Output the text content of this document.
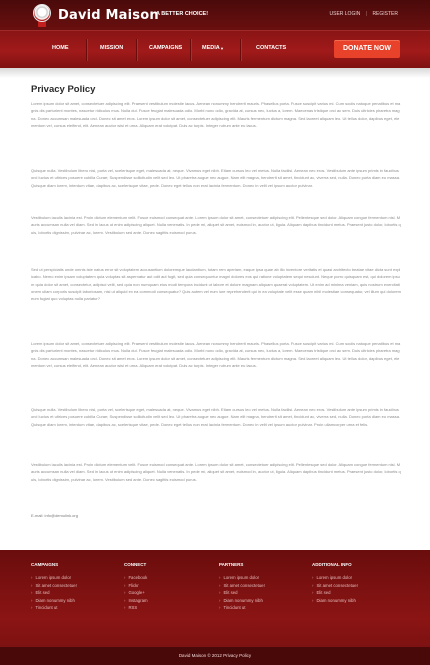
David Maison
A BETTER CHOICE!	USER LOGIN | REGISTER
HOME	MISSION	CAMPAIGNS	MEDIA ▼	CONTACTS	DONATE NOW
Privacy Policy

Lorem ipsum dolor sit amet, consectetuer adipiscing elit. Praesent vestibulum molestie lacus. Aenean nonummy hendrerit mauris. Phasellus porta. Fusce suscipit varius mi. Cum sociis natoque penatibus et magnis dis parturient montes, nascetur ridiculus mus. Nulla dui. Fusce feugiat malesuada odio. Morbi nunc odio, gravida at, cursus nec, luctus a, lorem. Maecenas tristique orci ac sem. Duis ultricies pharetra magna. Donec accumsan malesuada orci. Donec sit amet eros. Lorem ipsum dolor sit amet, consectetuer adipiscing elit. Mauris fermentum dictum magna. Sed laoreet aliquam leo. Ut tellus dolor, dapibus eget, elementum vel, cursus eleifend, elit. Aenean auctor wisi et urna. Aliquam erat volutpat. Duis ac turpis. Integer rutrum ante eu lacus.

Quisque nulla. Vestibulum libero nisl, porta vel, scelerisque eget, malesuada at, neque. Vivamus eget nibh. Etiam cursus leo vel metus. Nulla facilisi. Aenean nec eros. Vestibulum ante ipsum primis in faucibus orci luctus et ultrices posuere cubilia Curae; Suspendisse sollicitudin velit sed leo. Ut pharetra augue nec augue. Nam elit magna, hendrerit sit amet, tincidunt ac, viverra sed, nulla. Donec porta diam eu massa. Quisque diam lorem, interdum vitae, dapibus ac, scelerisque vitae, pede. Donec eget tellus non erat lacinia fermentum. Donec in velit vel ipsum auctor pulvinar.

Vestibulum iaculis lacinia est. Proin dictum elementum velit. Fusce euismod consequat ante. Lorem ipsum dolor sit amet, consectetuer adipiscing elit. Pellentesque sed dolor. Aliquam congue fermentum nisl. Mauris accumsan nulla vel diam. Sed in lacus ut enim adipiscing aliquet. Nulla venenatis. In pede mi, aliquet sit amet, euismod in, auctor ut, ligula. Aliquam dapibus tincidunt metus. Praesent justo dolor, lobortis quis, lobortis dignissim, pulvinar ac, lorem. Vestibulum sed ante. Donec sagittis euismod purus.

Sed ut perspiciatis unde omnis iste natus error sit voluptatem accusantium doloremque laudantium, totam rem aperiam, eaque ipsa quae ab illo inventore veritatis et quasi architecto beatae vitae dicta sunt explicabo. Nemo enim ipsam voluptatem quia voluptas sit aspernatur aut odit aut fugit, sed quia consequuntur magni dolores eos qui ratione voluptatem sequi nesciunt. Neque porro quisquam est, qui dolorem ipsum quia dolor sit amet, consectetur, adipisci velit, sed quia non numquam eius modi tempora incidunt ut labore et dolore magnam aliquam quaerat voluptatem. Ut enim ad minima veniam, quis nostrum exercitationem ullam corporis suscipit laboriosam, nisi ut aliquid ex ea commodi consequatur? Quis autem vel eum iure reprehenderit qui in ea voluptate velit esse quam nihil molestiae consequatur, vel illum qui dolorem eum fugiat quo voluptas nulla pariatur?

Lorem ipsum dolor sit amet, consectetuer adipiscing elit. Praesent vestibulum molestie lacus. Aenean nonummy hendrerit mauris. Phasellus porta. Fusce suscipit varius mi. Cum sociis natoque penatibus et magnis dis parturient montes, nascetur ridiculus mus. Nulla dui. Fusce feugiat malesuada odio. Morbi nunc odio, gravida at, cursus nec, luctus a, lorem. Maecenas tristique orci ac sem. Duis ultricies pharetra magna. Donec accumsan malesuada orci. Donec sit amet eros. Lorem ipsum dolor sit amet, consectetuer adipiscing elit. Mauris fermentum dictum magna. Sed laoreet aliquam leo. Ut tellus dolor, dapibus eget, elementum vel, cursus eleifend, elit. Aenean auctor wisi et urna. Aliquam erat volutpat. Duis ac turpis. Integer rutrum ante eu lacus.

Quisque nulla. Vestibulum libero nisl, porta vel, scelerisque eget, malesuada at, neque. Vivamus eget nibh. Etiam cursus leo vel metus. Nulla facilisi. Aenean nec eros. Vestibulum ante ipsum primis in faucibus orci luctus et ultrices posuere cubilia Curae; Suspendisse sollicitudin velit sed leo. Ut pharetra augue nec augue. Nam elit magna, hendrerit sit amet, tincidunt ac, viverra sed, nulla. Donec porta diam eu massa. Quisque diam lorem, interdum vitae, dapibus ac, scelerisque vitae, pede. Donec eget tellus non erat lacinia fermentum. Donec in velit vel ipsum auctor pulvinar. Proin ullamcorper urna et felis.

Vestibulum iaculis lacinia est. Proin dictum elementum velit. Fusce euismod consequat ante. Lorem ipsum dolor sit amet, consectetuer adipiscing elit. Pellentesque sed dolor. Aliquam congue fermentum nisl. Mauris accumsan nulla vel diam. Sed in lacus ut enim adipiscing aliquet. Nulla venenatis. In pede mi, aliquet sit amet, euismod in, auctor ut, ligula. Aliquam dapibus tincidunt metus. Praesent justo dolor, lobortis quis, lobortis dignissim, pulvinar ac, lorem. Vestibulum sed ante. Donec sagittis euismod purus.

E-mail: info@demolink.org
CAMPAIGNS
› Lorem ipsum dolor
› Sit amet consectetuer
› Elit sed
› Diam nonummy nibh
› Tincidunt ut
CONNECT
› Facebook
› Flickr
› Google+
› Instagram
› RSS
PARTNERS
› Lorem ipsum dolor
› Sit amet consectetuer
› Elit sed
› Diam nonummy nibh
› Tincidunt ut
ADDITIONAL INFO
› Lorem ipsum dolor
› Sit amet consectetuer
› Elit sed
› Diam nonummy nibh
David Maison © 2012 Privacy Policy
